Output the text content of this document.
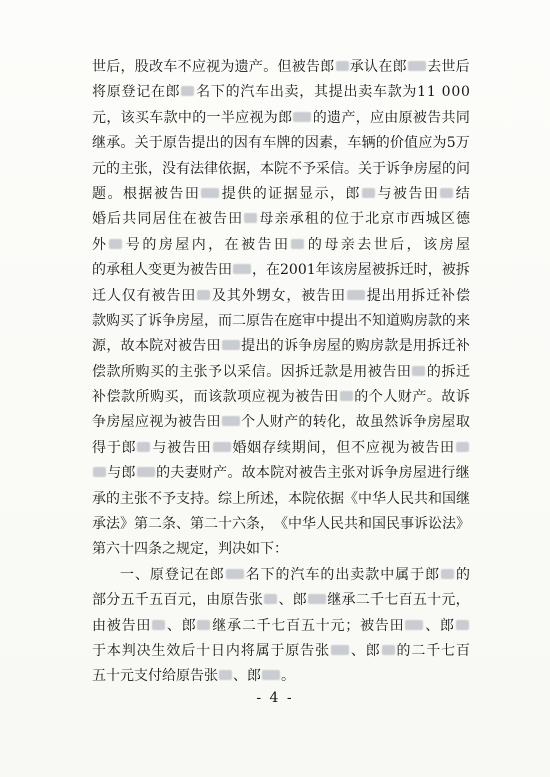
世 后 ， 股 改 车 不 应 视 为 遗 产 。 但 被 告 郎 承 认 在 郎 去 世 后
将 原 登 记 在 郎 名 下 的 汽 车 出 卖 ， 其 提 出 卖 车 款 为 1 1
0 0 0
元 ， 该 买 车 款 中 的 一 半 应 视 为 郎 的 遗 产 ， 应 由 原 被 告 共 同
继 承 。 关 于 原 告 提 出 的 因 有 车 牌 的 因 素 ， 车 辆 的 价 值 应 为 5 万
元 的 主 张 ， 没 有 法 律 依 据 ， 本 院 不 予 采 信 。 关 于 诉 争 房 屋 的 问
题 。 根 据 被 告 田 提 供 的 证 据 显 示 ， 郎 与 被 告 田 结
婚 后 共 同 居 住 在 被 告 田 母 亲 承 租 的 位 于 北 京 市 西 城 区 德
外 号 的 房 屋 内 ， 在 被 告 田 的 母 亲 去 世 后 ， 该 房 屋
的 承 租 人 变 更 为 被 告 田 ， 在 2 0 0 1 年 该 房 屋 被 拆 迁 时 ， 被 拆
迁 人 仅 有 被 告 田 及 其 外 甥 女 ， 被 告 田 提 出 用 拆 迁 补 偿
款 购 买 了 诉 争 房 屋 ， 而 二 原 告 在 庭 审 中 提 出 不 知 道 购 房 款 的 来
源 ， 故 本 院 对 被 告 田 提 出 的 诉 争 房 屋 的 购 房 款 是 用 拆 迁 补
偿 款 所 购 买 的 主 张 予 以 采 信 。 因 拆 迁 款 是 用 被 告 田 的 拆 迁
补 偿 款 所 购 买 ， 而 该 款 项 应 视 为 被 告 田 的 个 人 财 产 。 故 诉
争 房 屋 应 视 为 被 告 田 个 人 财 产 的 转 化 ， 故 虽 然 诉 争 房 屋 取
得 于 郎 与 被 告 田 婚 姻 存 续 期 间 ， 但 不 应 视 为 被 告 田
与 郎 的 夫 妻 财 产 。 故 本 院 对 被 告 主 张 对 诉 争 房 屋 进 行 继
承 的 主 张 不 予 支 持 。 综 上 所 述 ， 本 院 依 据 《 中 华 人 民 共 和 国 继
承 法 》 第 二 条 、 第 二 十 六 条 ， 《 中 华 人 民 共 和 国 民 事 诉 讼 法 》
第 六 十 四 条 之 规 定 ， 判 决 如 下 ：
一 、 原 登 记 在 郎 名 下 的 汽 车 的 出 卖 款 中 属 于 郎 的
部 分 五 千 五 百 元 ， 由 原 告 张 、 郎 继 承 二 千 七 百 五 十 元 ，
由 被 告 田 、 郎 继 承 二 千 七 百 五 十 元 ； 被 告 田 、 郎
于 本 判 决 生 效 后 十 日 内 将 属 于 原 告 张 、 郎 的 二 千 七 百
五 十 元 支 付 给 原 告 张 、 郎 。
- 4 -
